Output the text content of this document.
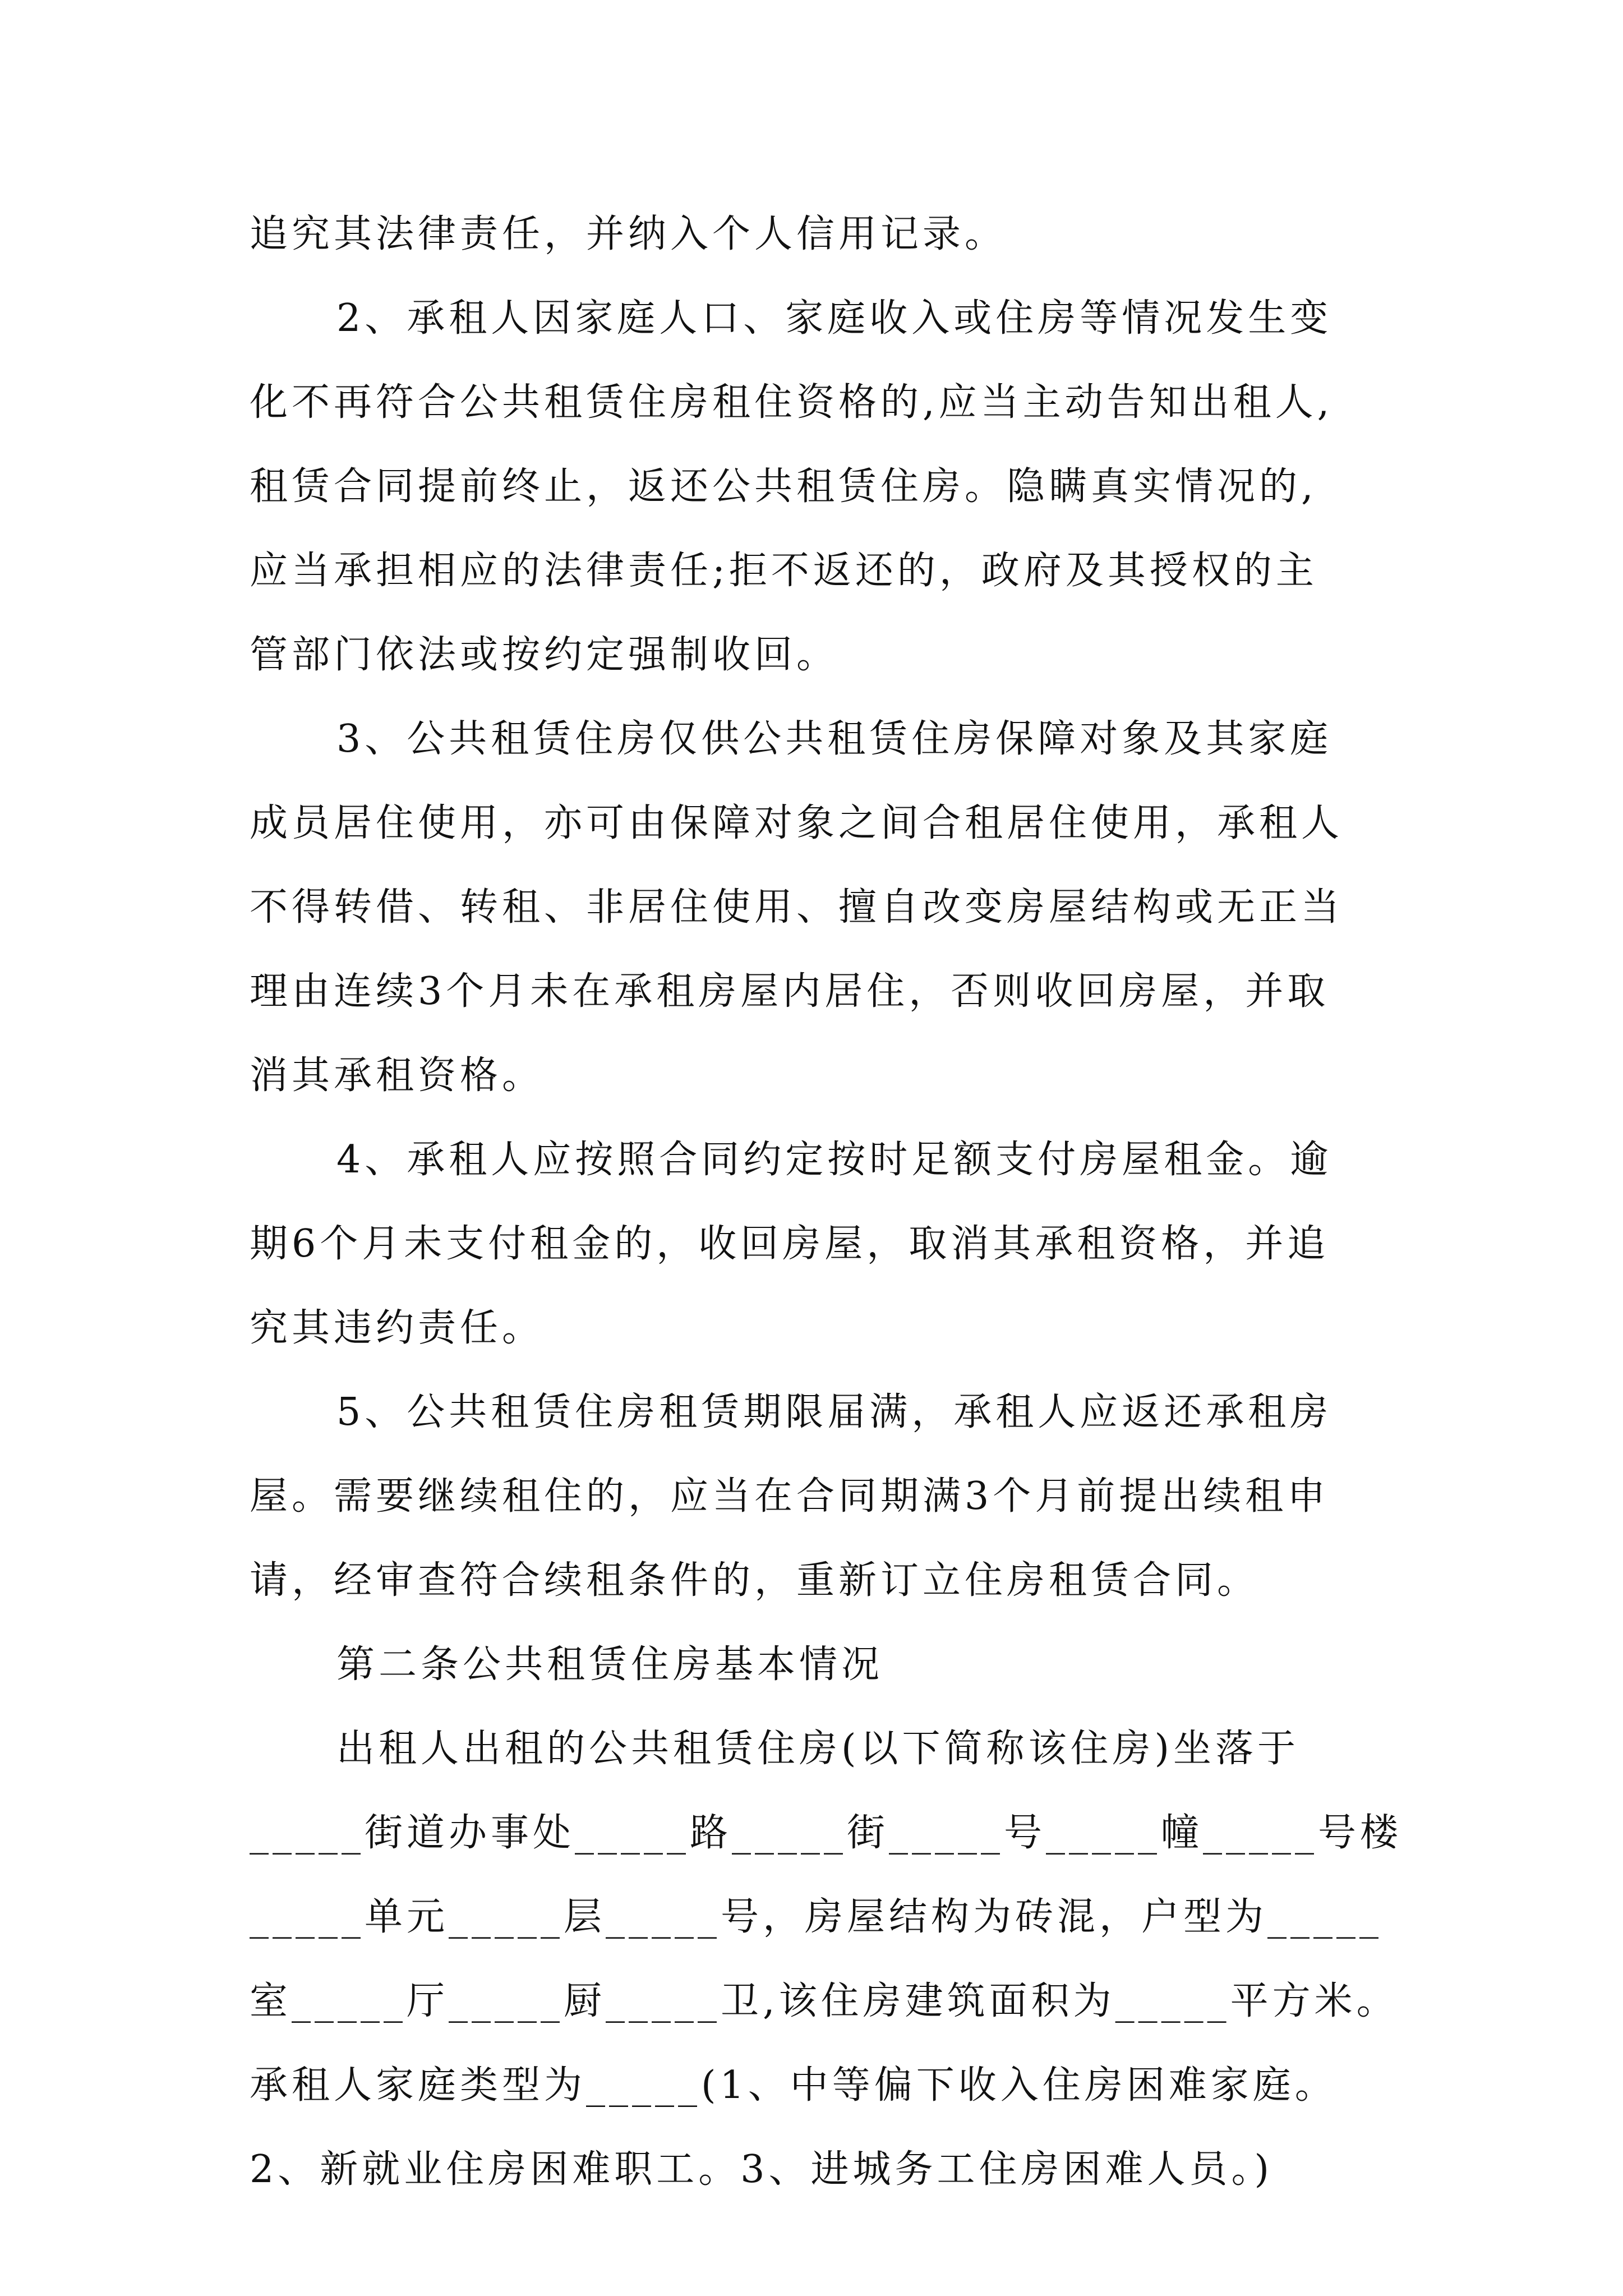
追究其法律责任，并纳入个人信用记录。
2、承租人因家庭人口、家庭收入或住房等情况发生变
化不再符合公共租赁住房租住资格的,应当主动告知出租人,
租赁合同提前终止，返还公共租赁住房。隐瞒真实情况的,
应当承担相应的法律责任;拒不返还的，政府及其授权的主
管部门依法或按约定强制收回。
3、公共租赁住房仅供公共租赁住房保障对象及其家庭
成员居住使用，亦可由保障对象之间合租居住使用，承租人
不得转借、转租、非居住使用、擅自改变房屋结构或无正当
理由连续3个月未在承租房屋内居住，否则收回房屋，并取
消其承租资格。
4、承租人应按照合同约定按时足额支付房屋租金。逾
期6个月未支付租金的，收回房屋，取消其承租资格，并追
究其违约责任。
5、公共租赁住房租赁期限届满，承租人应返还承租房
屋。需要继续租住的，应当在合同期满3个月前提出续租申
请，经审查符合续租条件的，重新订立住房租赁合同。
第二条公共租赁住房基本情况
出租人出租的公共租赁住房(以下简称该住房)坐落于
_____街道办事处_____路_____街_____号_____幢_____号楼
_____单元_____层_____号，房屋结构为砖混，户型为_____
室_____厅_____厨_____卫,该住房建筑面积为_____平方米。
承租人家庭类型为_____(1、中等偏下收入住房困难家庭。
2、新就业住房困难职工。3、进城务工住房困难人员。)
